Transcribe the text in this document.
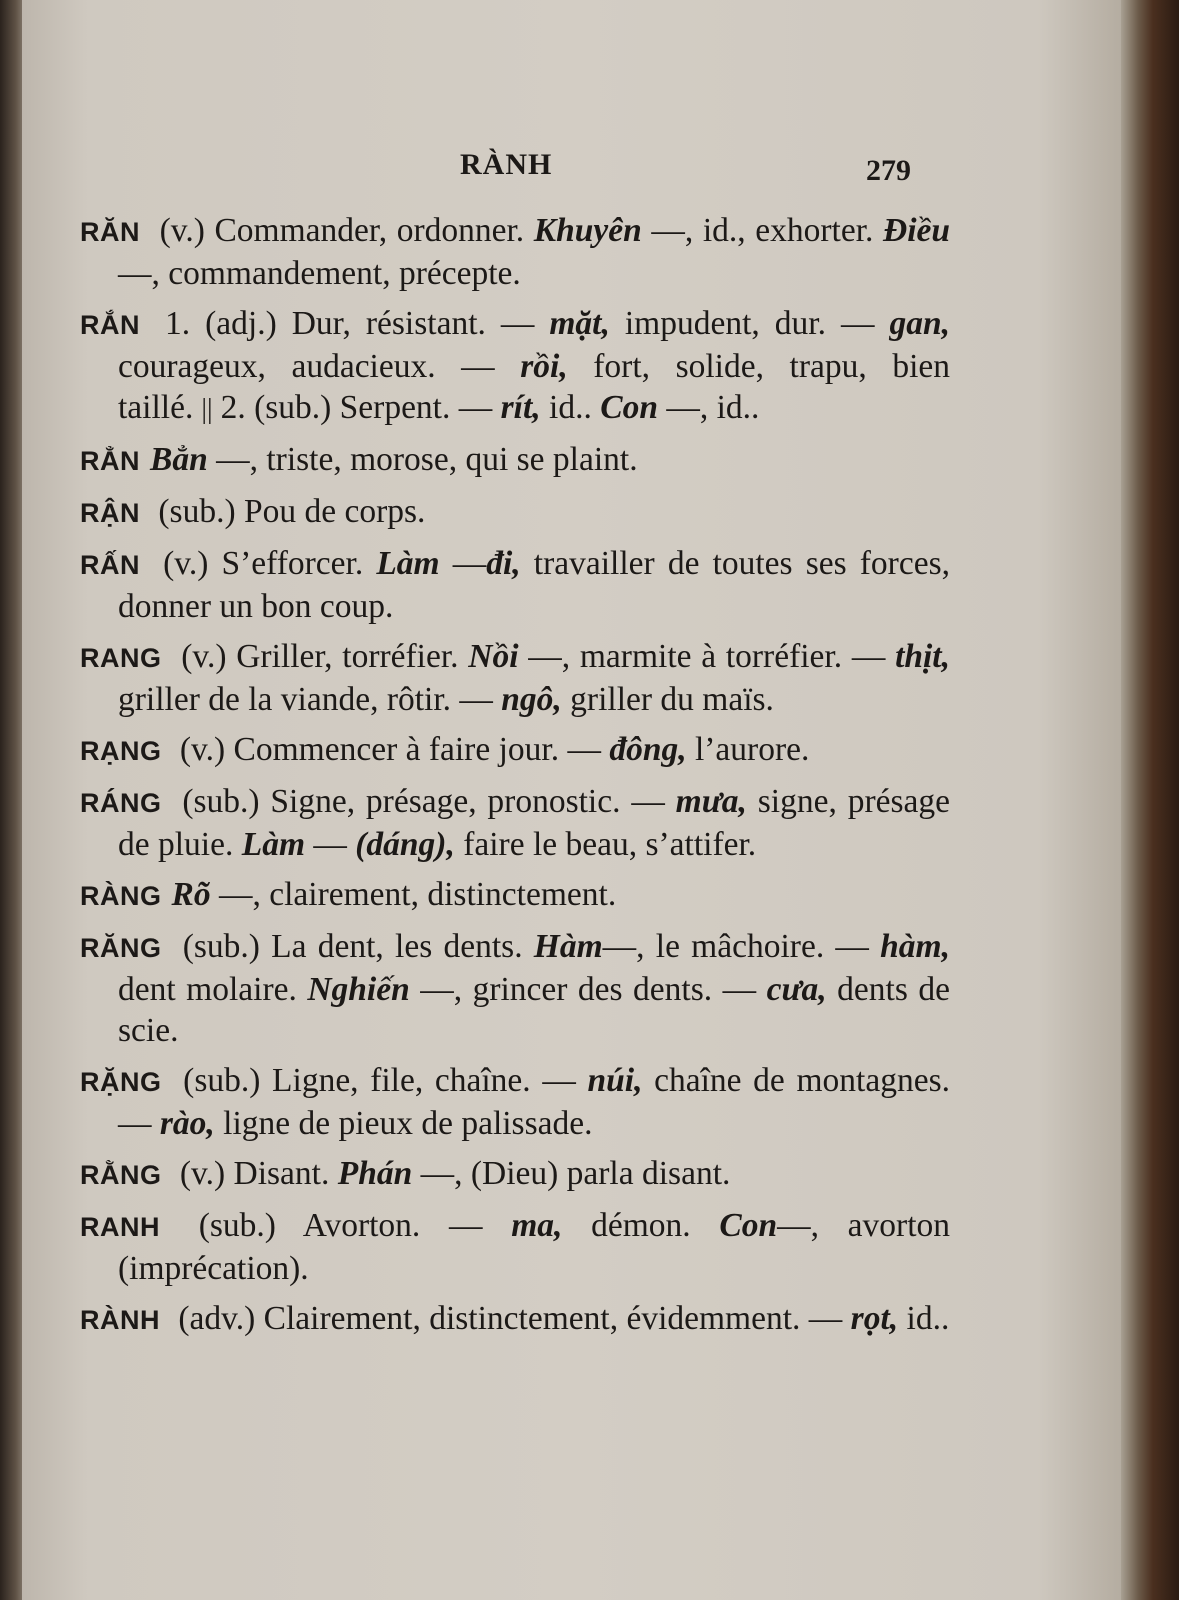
RÀNH	279

RĂN (v.) Commander, ordonner. Khuyên —, id., exhorter. Điều —, commandement, précepte.

RẮN 1. (adj.) Dur, résistant. — mặt, impudent, dur. — gan, courageux, audacieux. — rồi, fort, solide, trapu, bien taillé. || 2. (sub.) Serpent. — rít, id.. Con —, id..

RẲN Bẳn —, triste, morose, qui se plaint.

RẬN (sub.) Pou de corps.

RẤN (v.) S’efforcer. Làm —đi, travailler de toutes ses forces, donner un bon coup.

RANG (v.) Griller, torréfier. Nồi —, marmite à torréfier. — thịt, griller de la viande, rôtir. — ngô, griller du maïs.

RẠNG (v.) Commencer à faire jour. — đông, l’aurore.

RÁNG (sub.) Signe, présage, pronostic. — mưa, signe, présage de pluie. Làm — (dáng), faire le beau, s’attifer.

RÀNG Rõ —, clairement, distinctement.

RĂNG (sub.) La dent, les dents. Hàm—, le mâchoire. — hàm, dent molaire. Nghiến —, grincer des dents. — cưa, dents de scie.

RẶNG (sub.) Ligne, file, chaîne. — núi, chaîne de montagnes. — rào, ligne de pieux de palissade.

RẰNG (v.) Disant. Phán —, (Dieu) parla disant.

RANH (sub.) Avorton. — ma, démon. Con—, avorton (imprécation).

RÀNH (adv.) Clairement, distinctement, évidemment. — rọt, id..
